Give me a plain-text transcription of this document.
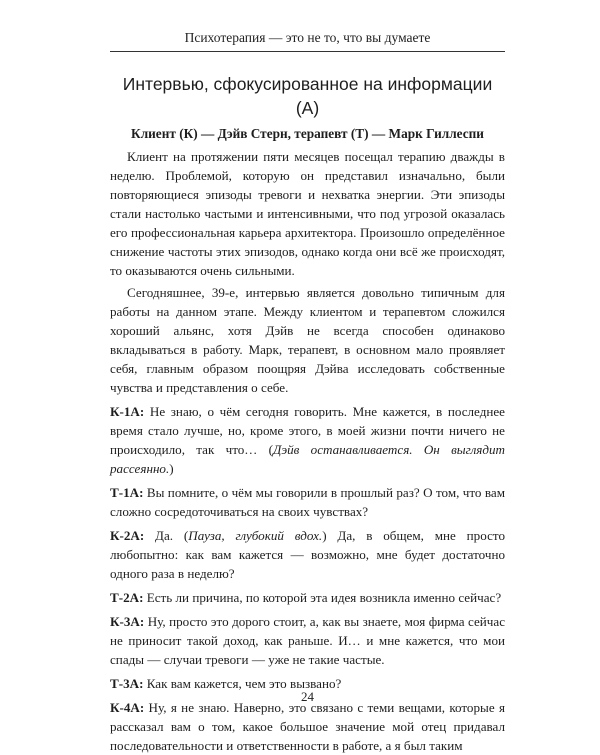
Психотерапия — это не то, что вы думаете
Интервью, сфокусированное на информации (А)

Клиент (К) — Дэйв Стерн, терапевт (Т) — Марк Гиллеспи

Клиент на протяжении пяти месяцев посещал терапию дважды в неделю. Проблемой, которую он представил изначально, были повторяющиеся эпизоды тревоги и нехватка энергии. Эти эпизоды стали настолько частыми и интенсивными, что под угрозой оказалась его профессиональная карьера архитектора. Произошло определённое снижение частоты этих эпизодов, однако когда они всё же происходят, то оказываются очень сильными.

Сегодняшнее, 39-е, интервью является довольно типичным для работы на данном этапе. Между клиентом и терапевтом сложился хороший альянс, хотя Дэйв не всегда способен одинаково вкладываться в работу. Марк, терапевт, в основном мало проявляет себя, главным образом поощряя Дэйва исследовать собственные чувства и представления о себе.

К-1А: Не знаю, о чём сегодня говорить. Мне кажется, в последнее время стало лучше, но, кроме этого, в моей жизни почти ничего не происходило, так что… (Дэйв останавливается. Он выглядит рассеянно.)

Т-1А: Вы помните, о чём мы говорили в прошлый раз? О том, что вам сложно сосредоточиваться на своих чувствах?

К-2А: Да. (Пауза, глубокий вдох.) Да, в общем, мне просто любопытно: как вам кажется — возможно, мне будет достаточно одного раза в неделю?

Т-2А: Есть ли причина, по которой эта идея возникла именно сейчас?

К-3А: Ну, просто это дорого стоит, а, как вы знаете, моя фирма сейчас не приносит такой доход, как раньше. И… и мне кажется, что мои спады — случаи тревоги — уже не такие частые.

Т-3А: Как вам кажется, чем это вызвано?

К-4А: Ну, я не знаю. Наверно, это связано с теми вещами, которые я рассказал вам о том, какое большое значение мой отец придавал последовательности и ответственности в работе, а я был таким

24
